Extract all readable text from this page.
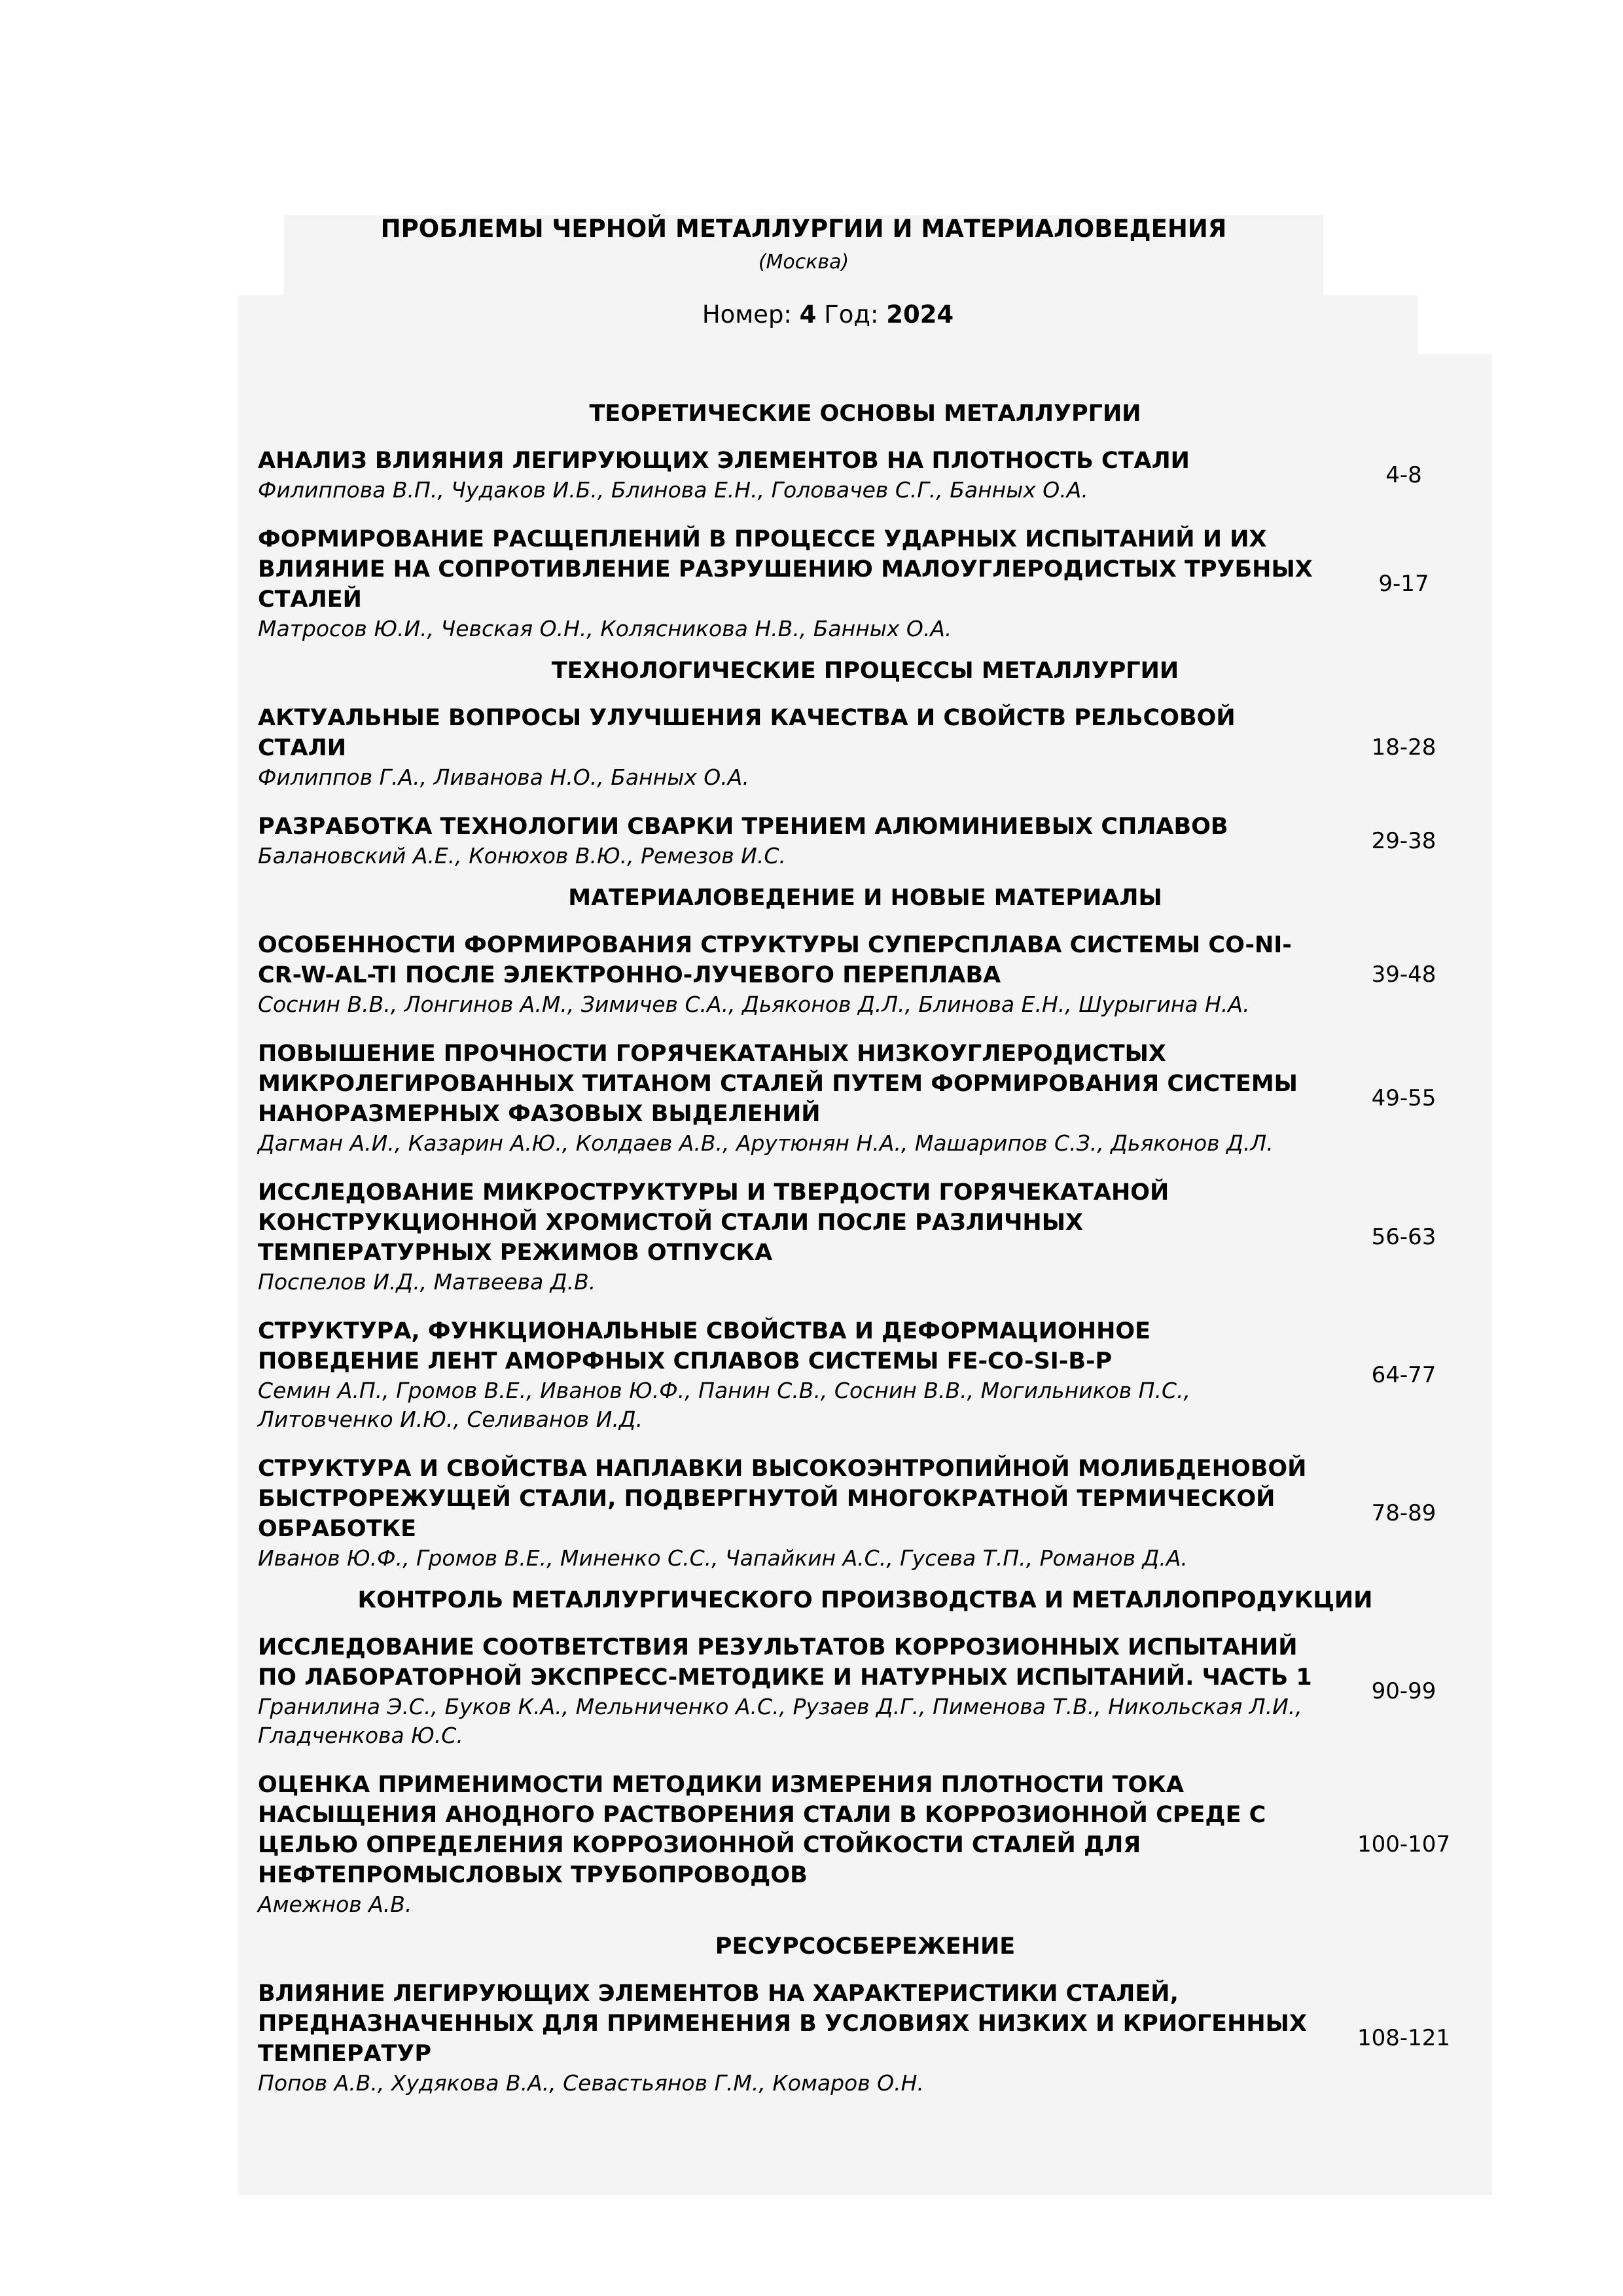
ПРОБЛЕМЫ ЧЕРНОЙ МЕТАЛЛУРГИИ И МАТЕРИАЛОВЕДЕНИЯ
(Москва)
Номер: 4 Год: 2024
ТЕОРЕТИЧЕСКИЕ ОСНОВЫ МЕТАЛЛУРГИИ
АНАЛИЗ ВЛИЯНИЯ ЛЕГИРУЮЩИХ ЭЛЕМЕНТОВ НА ПЛОТНОСТЬ СТАЛИ
Филиппова В.П., Чудаков И.Б., Блинова Е.Н., Головачев С.Г., Банных О.А.
4-8
ФОРМИРОВАНИЕ РАСЩЕПЛЕНИЙ В ПРОЦЕССЕ УДАРНЫХ ИСПЫТАНИЙ И ИХ ВЛИЯНИЕ НА СОПРОТИВЛЕНИЕ РАЗРУШЕНИЮ МАЛОУГЛЕРОДИСТЫХ ТРУБНЫХ СТАЛЕЙ
Матросов Ю.И., Чевская О.Н., Колясникова Н.В., Банных О.А.
9-17
ТЕХНОЛОГИЧЕСКИЕ ПРОЦЕССЫ МЕТАЛЛУРГИИ
АКТУАЛЬНЫЕ ВОПРОСЫ УЛУЧШЕНИЯ КАЧЕСТВА И СВОЙСТВ РЕЛЬСОВОЙ СТАЛИ
Филиппов Г.А., Ливанова Н.О., Банных О.А.
18-28
РАЗРАБОТКА ТЕХНОЛОГИИ СВАРКИ ТРЕНИЕМ АЛЮМИНИЕВЫХ СПЛАВОВ
Балановский А.Е., Конюхов В.Ю., Ремезов И.С.
29-38
МАТЕРИАЛОВЕДЕНИЕ И НОВЫЕ МАТЕРИАЛЫ
ОСОБЕННОСТИ ФОРМИРОВАНИЯ СТРУКТУРЫ СУПЕРСПЛАВА СИСТЕМЫ CO-NI-CR-W-AL-TI ПОСЛЕ ЭЛЕКТРОННО-ЛУЧЕВОГО ПЕРЕПЛАВА
Соснин В.В., Лонгинов А.М., Зимичев С.А., Дьяконов Д.Л., Блинова Е.Н., Шурыгина Н.А.
39-48
ПОВЫШЕНИЕ ПРОЧНОСТИ ГОРЯЧЕКАТАНЫХ НИЗКОУГЛЕРОДИСТЫХ МИКРОЛЕГИРОВАННЫХ ТИТАНОМ СТАЛЕЙ ПУТЕМ ФОРМИРОВАНИЯ СИСТЕМЫ НАНОРАЗМЕРНЫХ ФАЗОВЫХ ВЫДЕЛЕНИЙ
Дагман А.И., Казарин А.Ю., Колдаев А.В., Арутюнян Н.А., Машарипов С.З., Дьяконов Д.Л.
49-55
ИССЛЕДОВАНИЕ МИКРОСТРУКТУРЫ И ТВЕРДОСТИ ГОРЯЧЕКАТАНОЙ КОНСТРУКЦИОННОЙ ХРОМИСТОЙ СТАЛИ ПОСЛЕ РАЗЛИЧНЫХ ТЕМПЕРАТУРНЫХ РЕЖИМОВ ОТПУСКА
Поспелов И.Д., Матвеева Д.В.
56-63
СТРУКТУРА, ФУНКЦИОНАЛЬНЫЕ СВОЙСТВА И ДЕФОРМАЦИОННОЕ ПОВЕДЕНИЕ ЛЕНТ АМОРФНЫХ СПЛАВОВ СИСТЕМЫ FE-CO-SI-B-P
Семин А.П., Громов В.Е., Иванов Ю.Ф., Панин С.В., Соснин В.В., Могильников П.С., Литовченко И.Ю., Селиванов И.Д.
64-77
СТРУКТУРА И СВОЙСТВА НАПЛАВКИ ВЫСОКОЭНТРОПИЙНОЙ МОЛИБДЕНОВОЙ БЫСТРОРЕЖУЩЕЙ СТАЛИ, ПОДВЕРГНУТОЙ МНОГОКРАТНОЙ ТЕРМИЧЕСКОЙ ОБРАБОТКЕ
Иванов Ю.Ф., Громов В.Е., Миненко С.С., Чапайкин А.С., Гусева Т.П., Романов Д.А.
78-89
КОНТРОЛЬ МЕТАЛЛУРГИЧЕСКОГО ПРОИЗВОДСТВА И МЕТАЛЛОПРОДУКЦИИ
ИССЛЕДОВАНИЕ СООТВЕТСТВИЯ РЕЗУЛЬТАТОВ КОРРОЗИОННЫХ ИСПЫТАНИЙ ПО ЛАБОРАТОРНОЙ ЭКСПРЕСС-МЕТОДИКЕ И НАТУРНЫХ ИСПЫТАНИЙ. ЧАСТЬ 1
Гранилина Э.С., Буков К.А., Мельниченко А.С., Рузаев Д.Г., Пименова Т.В., Никольская Л.И., Гладченкова Ю.С.
90-99
ОЦЕНКА ПРИМЕНИМОСТИ МЕТОДИКИ ИЗМЕРЕНИЯ ПЛОТНОСТИ ТОКА НАСЫЩЕНИЯ АНОДНОГО РАСТВОРЕНИЯ СТАЛИ В КОРРОЗИОННОЙ СРЕДЕ С ЦЕЛЬЮ ОПРЕДЕЛЕНИЯ КОРРОЗИОННОЙ СТОЙКОСТИ СТАЛЕЙ ДЛЯ НЕФТЕПРОМЫСЛОВЫХ ТРУБОПРОВОДОВ
Амежнов А.В.
100-107
РЕСУРСОСБЕРЕЖЕНИЕ
ВЛИЯНИЕ ЛЕГИРУЮЩИХ ЭЛЕМЕНТОВ НА ХАРАКТЕРИСТИКИ СТАЛЕЙ, ПРЕДНАЗНАЧЕННЫХ ДЛЯ ПРИМЕНЕНИЯ В УСЛОВИЯХ НИЗКИХ И КРИОГЕННЫХ ТЕМПЕРАТУР
Попов А.В., Худякова В.А., Севастьянов Г.М., Комаров О.Н.
108-121
